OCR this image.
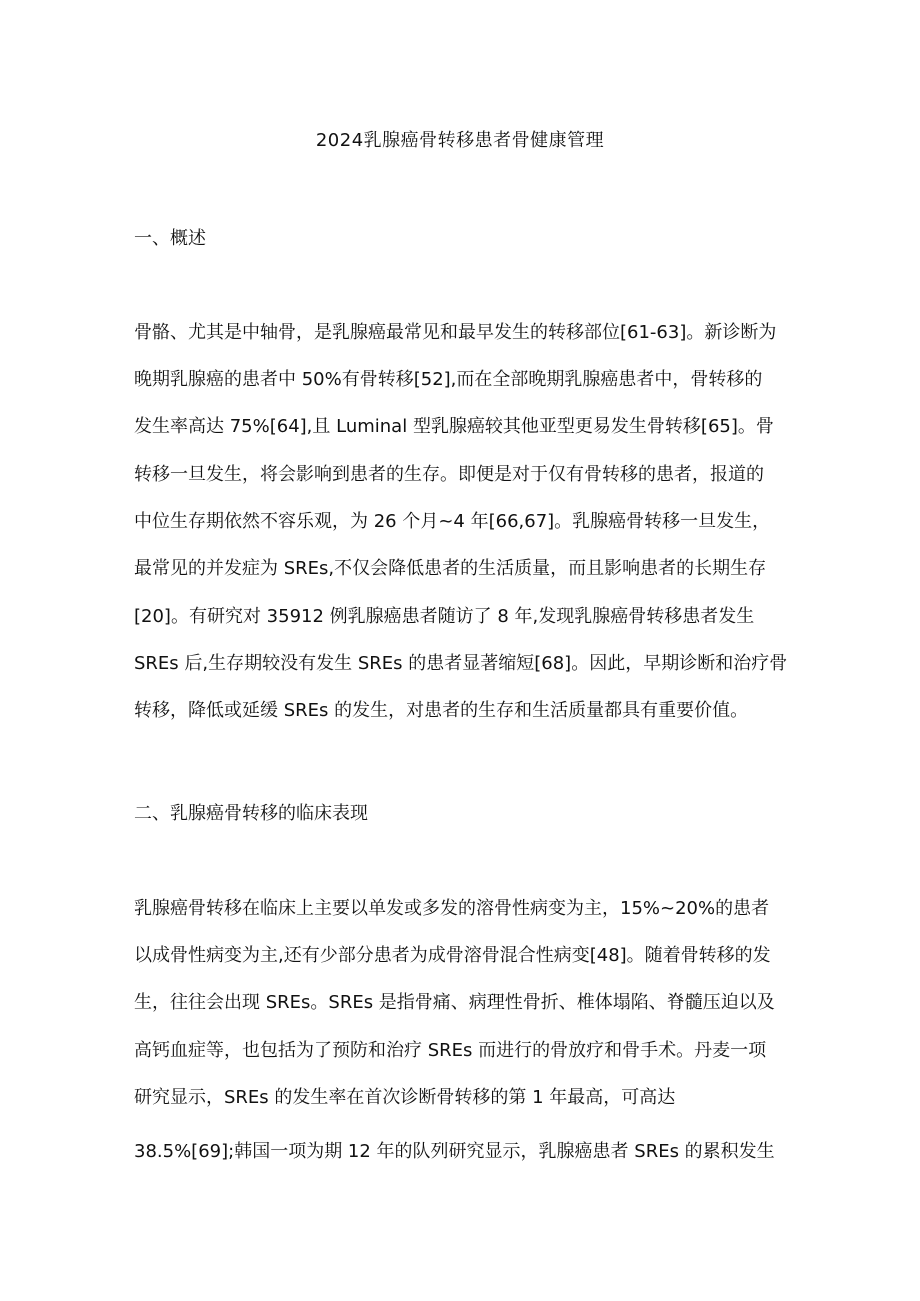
2024乳腺癌骨转移患者骨健康管理
一、概述
骨骼、尤其是中轴骨，是乳腺癌最常见和最早发生的转移部位[61-63]。新诊断为
晚期乳腺癌的患者中 50%有骨转移[52],而在全部晚期乳腺癌患者中，骨转移的
发生率高达 75%[64],且 Luminal 型乳腺癌较其他亚型更易发生骨转移[65]。骨
转移一旦发生，将会影响到患者的生存。即便是对于仅有骨转移的患者，报道的
中位生存期依然不容乐观，为 26 个月~4 年[66,67]。乳腺癌骨转移一旦发生，
最常见的并发症为 SREs,不仅会降低患者的生活质量，而且影响患者的长期生存
[20]。有研究对 35912 例乳腺癌患者随访了 8 年,发现乳腺癌骨转移患者发生
SREs 后,生存期较没有发生 SREs 的患者显著缩短[68]。因此，早期诊断和治疗骨
转移，降低或延缓 SREs 的发生，对患者的生存和生活质量都具有重要价值。
二、乳腺癌骨转移的临床表现
乳腺癌骨转移在临床上主要以单发或多发的溶骨性病变为主，15%~20%的患者
以成骨性病变为主,还有少部分患者为成骨溶骨混合性病变[48]。随着骨转移的发
生，往往会出现 SREs。SREs 是指骨痛、病理性骨折、椎体塌陷、脊髓压迫以及
高钙血症等，也包括为了预防和治疗 SREs 而进行的骨放疗和骨手术。丹麦一项
研究显示，SREs 的发生率在首次诊断骨转移的第 1 年最高，可高达
38.5%[69];韩国一项为期 12 年的队列研究显示，乳腺癌患者 SREs 的累积发生
